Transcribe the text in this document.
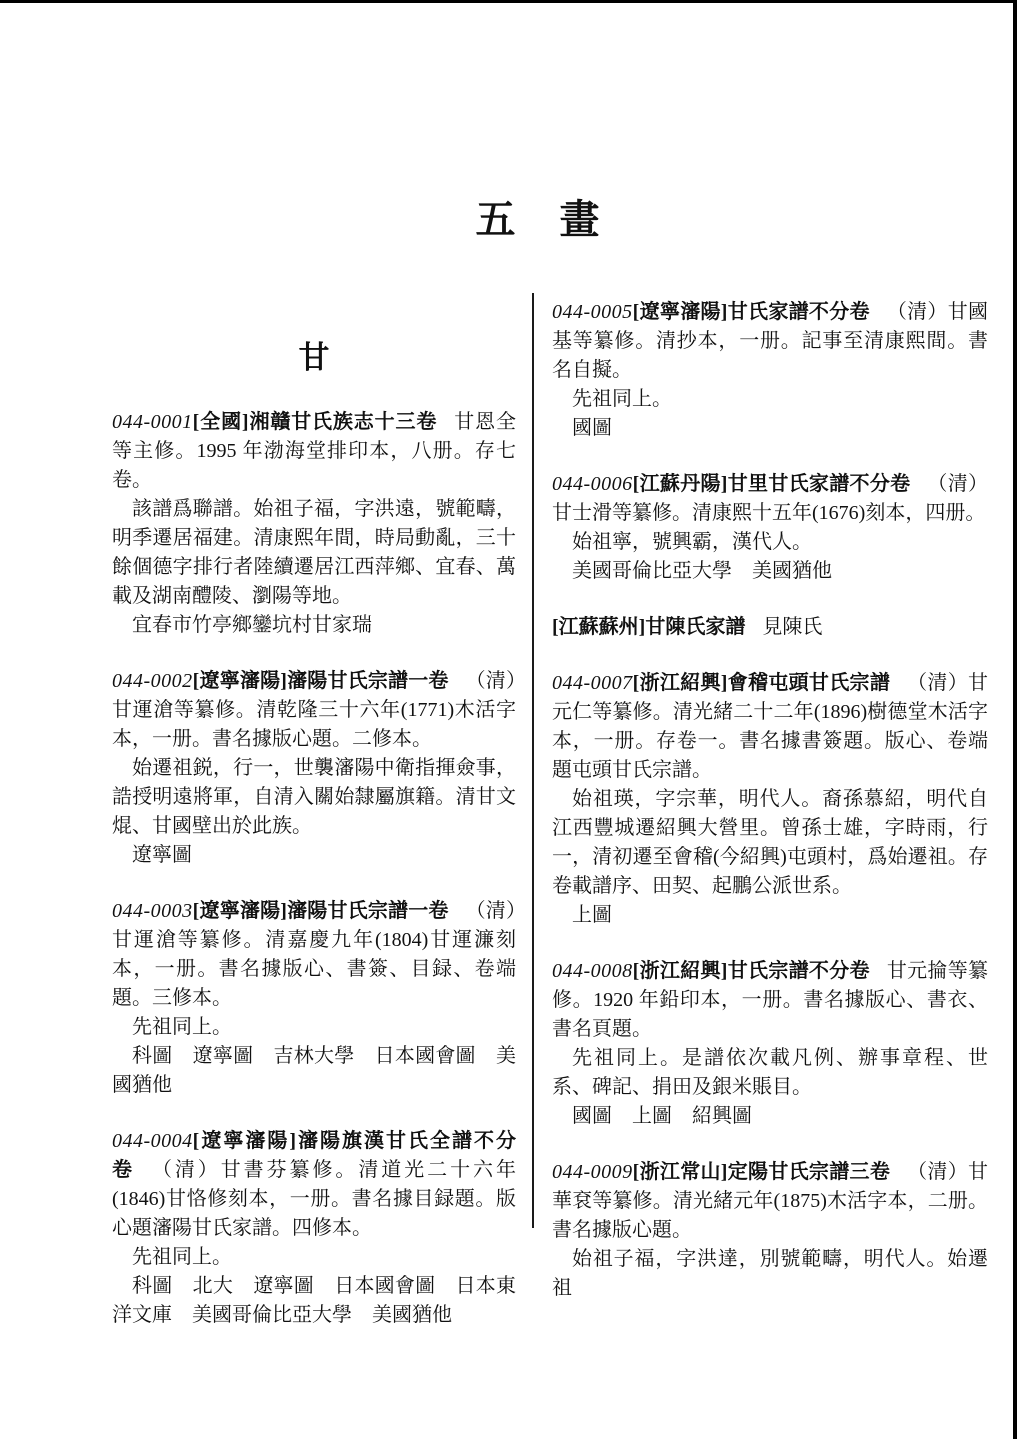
五　畫
甘

044-0001[全國]湘贛甘氏族志十三卷 甘恩全等主修。1995 年渤海堂排印本，八册。存七卷。

該譜爲聯譜。始祖子福，字洪遠，號範疇，明季遷居福建。清康熙年間，時局動亂，三十餘個德字排行者陸續遷居江西萍鄉、宜春、萬載及湖南醴陵、瀏陽等地。

宜春市竹亭鄉鑾坑村甘家瑞

044-0002[遼寧瀋陽]瀋陽甘氏宗譜一卷 （清）甘運滄等纂修。清乾隆三十六年(1771)木活字本，一册。書名據版心題。二修本。

始遷祖鋭，行一，世襲瀋陽中衛指揮僉事，誥授明遠將軍，自清入關始隸屬旗籍。清甘文焜、甘國壁出於此族。

遼寧圖

044-0003[遼寧瀋陽]瀋陽甘氏宗譜一卷 （清）甘運滄等纂修。清嘉慶九年(1804)甘運濂刻本，一册。書名據版心、書簽、目録、卷端題。三修本。

先祖同上。

科圖　遼寧圖　吉林大學　日本國會圖　美國猶他

044-0004[遼寧瀋陽]瀋陽旗漢甘氏全譜不分卷 （清）甘書芬纂修。清道光二十六年(1846)甘恪修刻本，一册。書名據目録題。版心題瀋陽甘氏家譜。四修本。

先祖同上。

科圖　北大　遼寧圖　日本國會圖　日本東洋文庫　美國哥倫比亞大學　美國猶他

044-0005[遼寧瀋陽]甘氏家譜不分卷 （清）甘國基等纂修。清抄本，一册。記事至清康熙間。書名自擬。

先祖同上。

國圖

044-0006[江蘇丹陽]甘里甘氏家譜不分卷 （清）甘士滑等纂修。清康熙十五年(1676)刻本，四册。

始祖寧，號興霸，漢代人。

美國哥倫比亞大學　美國猶他

[江蘇蘇州]甘陳氏家譜 見陳氏

044-0007[浙江紹興]會稽屯頭甘氏宗譜 （清）甘元仁等纂修。清光緒二十二年(1896)樹德堂木活字本，一册。存卷一。書名據書簽題。版心、卷端題屯頭甘氏宗譜。

始祖瑛，字宗華，明代人。裔孫慕紹，明代自江西豐城遷紹興大營里。曾孫士雄，字時雨，行一，清初遷至會稽(今紹興)屯頭村，爲始遷祖。存卷載譜序、田契、起鵬公派世系。

上圖

044-0008[浙江紹興]甘氏宗譜不分卷 甘元掄等纂修。1920 年鉛印本，一册。書名據版心、書衣、書名頁題。

先祖同上。是譜依次載凡例、辦事章程、世系、碑記、捐田及銀米賬目。

國圖　上圖　紹興圖

044-0009[浙江常山]定陽甘氏宗譜三卷 （清）甘華袞等纂修。清光緒元年(1875)木活字本，二册。書名據版心題。

始祖子福，字洪達，別號範疇，明代人。始遷祖
